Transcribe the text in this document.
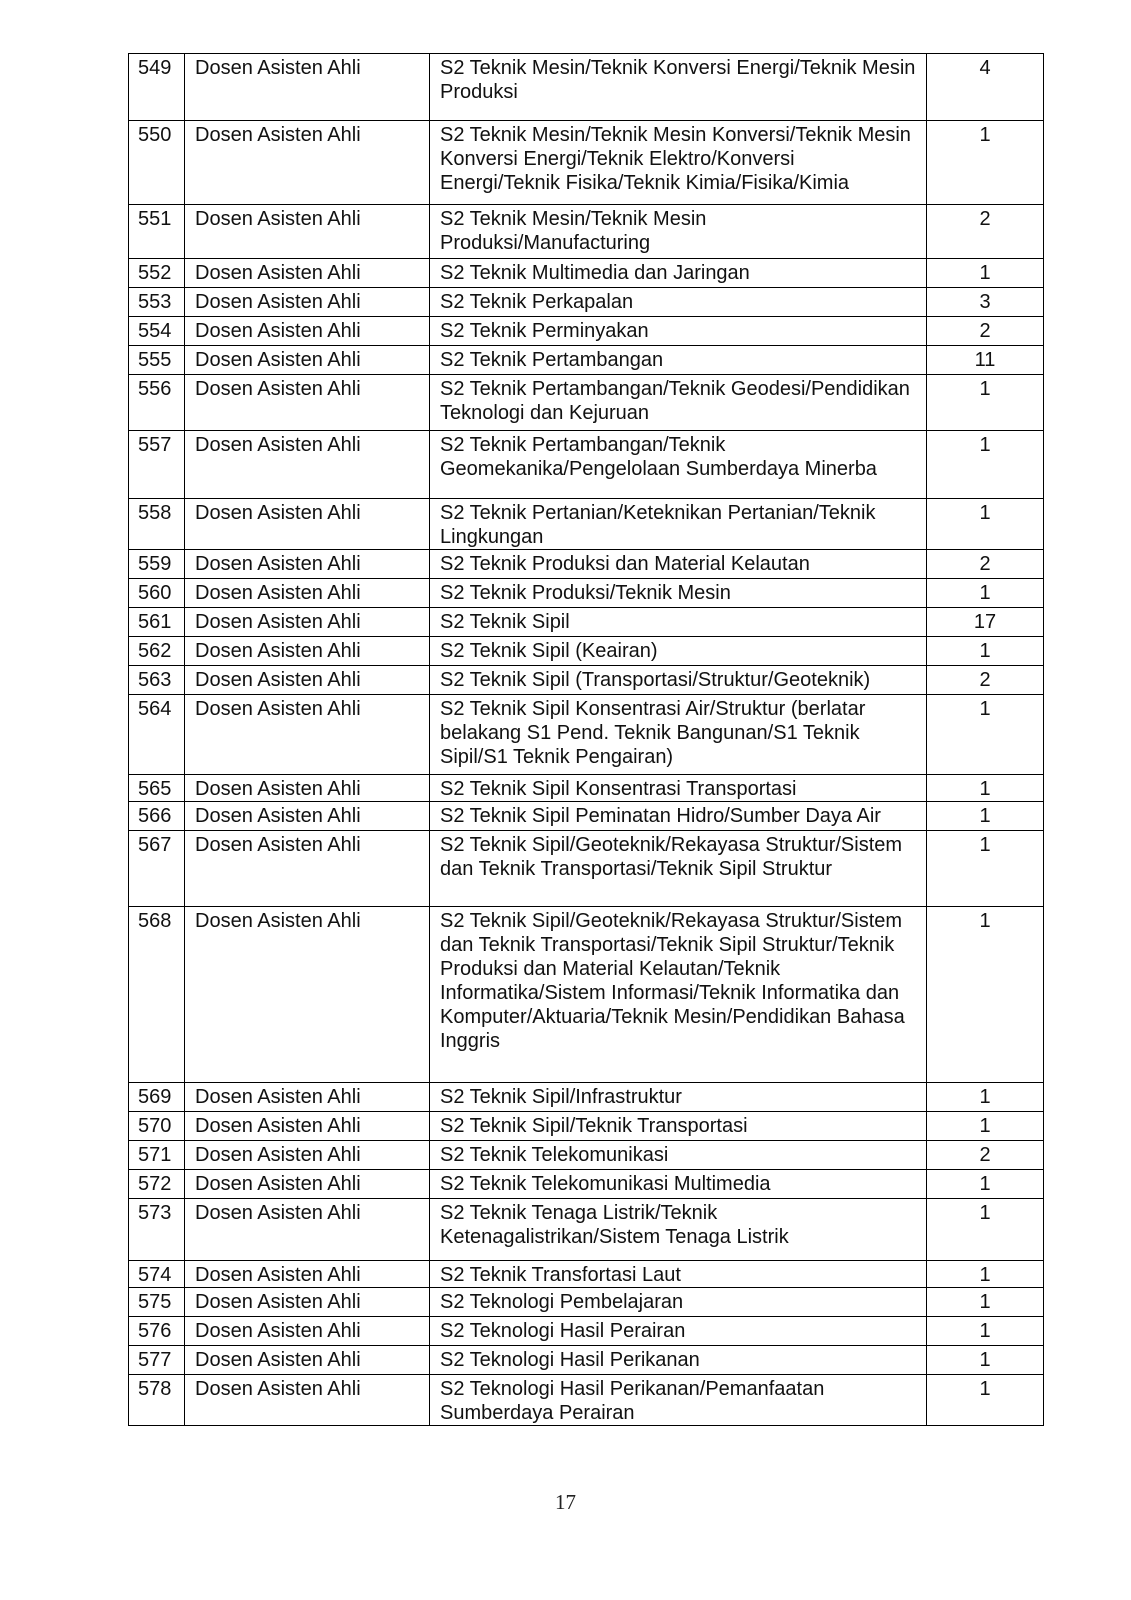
549	Dosen Asisten Ahli	S2 Teknik Mesin/Teknik Konversi Energi/Teknik Mesin Produksi	4
550	Dosen Asisten Ahli	S2 Teknik Mesin/Teknik Mesin Konversi/Teknik Mesin Konversi Energi/Teknik Elektro/Konversi Energi/Teknik Fisika/Teknik Kimia/Fisika/Kimia	1
551	Dosen Asisten Ahli	S2 Teknik Mesin/Teknik Mesin Produksi/Manufacturing	2
552	Dosen Asisten Ahli	S2 Teknik Multimedia dan Jaringan	1
553	Dosen Asisten Ahli	S2 Teknik Perkapalan	3
554	Dosen Asisten Ahli	S2 Teknik Perminyakan	2
555	Dosen Asisten Ahli	S2 Teknik Pertambangan	11
556	Dosen Asisten Ahli	S2 Teknik Pertambangan/Teknik Geodesi/Pendidikan Teknologi dan Kejuruan	1
557	Dosen Asisten Ahli	S2 Teknik Pertambangan/Teknik Geomekanika/Pengelolaan Sumberdaya Minerba	1
558	Dosen Asisten Ahli	S2 Teknik Pertanian/Keteknikan Pertanian/Teknik Lingkungan	1
559	Dosen Asisten Ahli	S2 Teknik Produksi dan Material Kelautan	2
560	Dosen Asisten Ahli	S2 Teknik Produksi/Teknik Mesin	1
561	Dosen Asisten Ahli	S2 Teknik Sipil	17
562	Dosen Asisten Ahli	S2 Teknik Sipil (Keairan)	1
563	Dosen Asisten Ahli	S2 Teknik Sipil (Transportasi/Struktur/Geoteknik)	2
564	Dosen Asisten Ahli	S2 Teknik Sipil Konsentrasi Air/Struktur (berlatar belakang S1 Pend. Teknik Bangunan/S1 Teknik Sipil/S1 Teknik Pengairan)	1
565	Dosen Asisten Ahli	S2 Teknik Sipil Konsentrasi Transportasi	1
566	Dosen Asisten Ahli	S2 Teknik Sipil Peminatan Hidro/Sumber Daya Air	1
567	Dosen Asisten Ahli	S2 Teknik Sipil/Geoteknik/Rekayasa Struktur/Sistem dan Teknik Transportasi/Teknik Sipil Struktur	1
568	Dosen Asisten Ahli	S2 Teknik Sipil/Geoteknik/Rekayasa Struktur/Sistem dan Teknik Transportasi/Teknik Sipil Struktur/Teknik Produksi dan Material Kelautan/Teknik Informatika/Sistem Informasi/Teknik Informatika dan Komputer/Aktuaria/Teknik Mesin/Pendidikan Bahasa Inggris	1
569	Dosen Asisten Ahli	S2 Teknik Sipil/Infrastruktur	1
570	Dosen Asisten Ahli	S2 Teknik Sipil/Teknik Transportasi	1
571	Dosen Asisten Ahli	S2 Teknik Telekomunikasi	2
572	Dosen Asisten Ahli	S2 Teknik Telekomunikasi Multimedia	1
573	Dosen Asisten Ahli	S2 Teknik Tenaga Listrik/Teknik Ketenagalistrikan/Sistem Tenaga Listrik	1
574	Dosen Asisten Ahli	S2 Teknik Transfortasi Laut	1
575	Dosen Asisten Ahli	S2 Teknologi Pembelajaran	1
576	Dosen Asisten Ahli	S2 Teknologi Hasil Perairan	1
577	Dosen Asisten Ahli	S2 Teknologi Hasil Perikanan	1
578	Dosen Asisten Ahli	S2 Teknologi Hasil Perikanan/Pemanfaatan Sumberdaya Perairan	1
17
